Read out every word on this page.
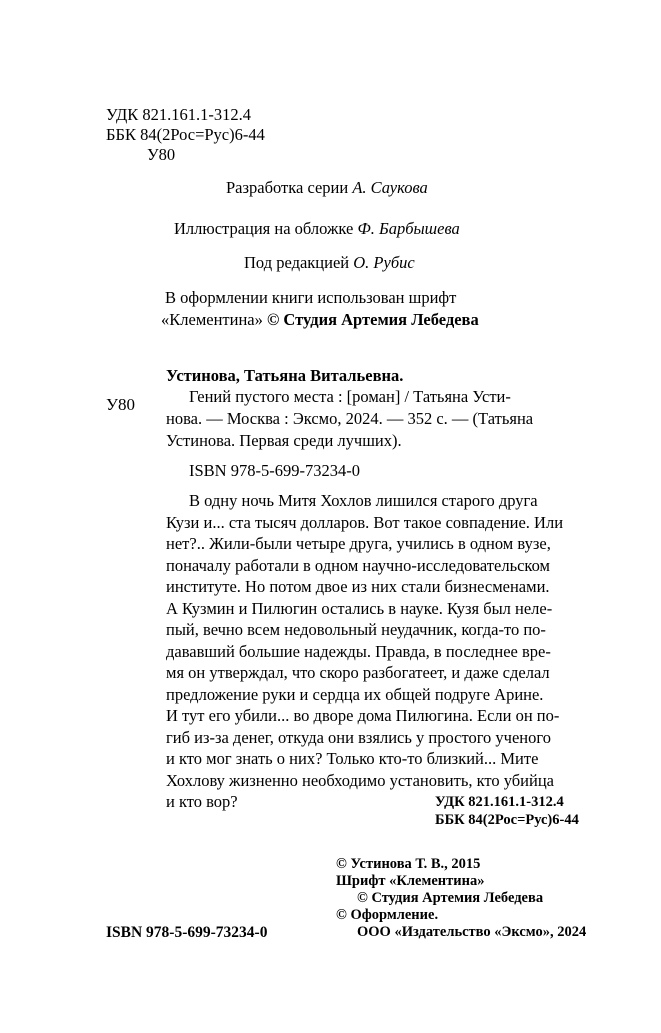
УДК 821.161.1-312.4
ББК 84(2Рос=Рус)6-44
У80
Разработка серии А. Саукова
Иллюстрация на обложке Ф. Барбышева
Под редакцией О. Рубис
В оформлении книги использован шрифт
«Клементина» © Студия Артемия Лебедева
Устинова, Татьяна Витальевна.
У80	Гений пустого места : [роман] / Татьяна Усти-
нова. — Москва : Эксмо, 2024. — 352 с. — (Татьяна
Устинова. Первая среди лучших).
ISBN 978-5-699-73234-0
В одну ночь Митя Хохлов лишился старого друга
Кузи и... ста тысяч долларов. Вот такое совпадение. Или
нет?.. Жили-были четыре друга, учились в одном вузе,
поначалу работали в одном научно-исследовательском
институте. Но потом двое из них стали бизнесменами.
А Кузмин и Пилюгин остались в науке. Кузя был неле-
пый, вечно всем недовольный неудачник, когда-то по-
дававший большие надежды. Правда, в последнее вре-
мя он утверждал, что скоро разбогатеет, и даже сделал
предложение руки и сердца их общей подруге Арине.
И тут его убили... во дворе дома Пилюгина. Если он по-
гиб из-за денег, откуда они взялись у простого ученого
и кто мог знать о них? Только кто-то близкий... Мите
Хохлову жизненно необходимо установить, кто убийца
и кто вор?	УДК 821.161.1-312.4
ББК 84(2Рос=Рус)6-44
© Устинова Т. В., 2015
Шрифт «Клементина»
© Студия Артемия Лебедева
© Оформление.
ООО «Издательство «Эксмо», 2024
ISBN 978-5-699-73234-0
